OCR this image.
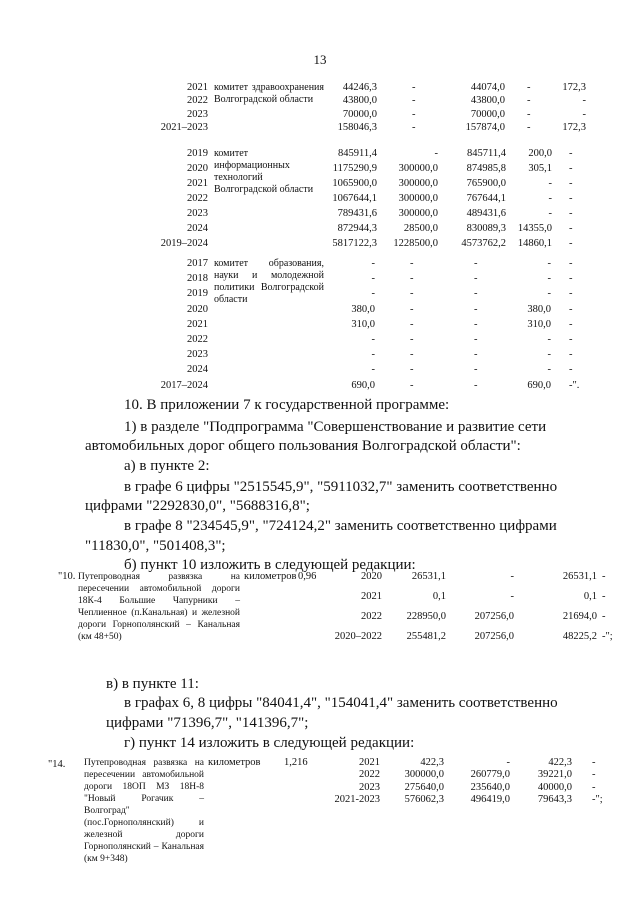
13
комитет здравоохранения Волгоградской области
2021	44246,3	-	44074,0 -	172,3
2022	43800,0	-	43800,0 -	-
2023	70000,0	-	70000,0 -	-
2021–2023	158046,3	-	157874,0 -	172,3
комитет информационных технологий Волгоградской области
2019	845911,4	-	845711,4	200,0 -
2020	1175290,9	300000,0	874985,8	305,1 -
2021	1065900,0	300000,0	765900,0	- -
2022	1067644,1	300000,0	767644,1	- -
2023	789431,6	300000,0	489431,6	- -
2024	872944,3	28500,0	830089,3	14355,0 -
2019–2024	5817122,3	1228500,0	4573762,2	14860,1 -
комитет образования, науки и молодежной политики Волгоградской области
2017	-	-	-	- -
2018	-	-	-	- -
2019	-	-	-	- -
2020	380,0	-	-	380,0 -
2021	310,0	-	-	310,0 -
2022	-	-	-	- -
2023	-	-	-	- -
2024	-	-	-	- -
2017–2024	690,0	-	-	690,0 -".
10. В приложении 7 к государственной программе:
1) в разделе "Подпрограмма "Совершенствование и развитие сети
автомобильных дорог общего пользования Волгоградской области":
а) в пункте 2:
в графе 6 цифры "2515545,9", "5911032,7" заменить соответственно
цифрами "2292830,0", "5688316,8";
в графе 8 "234545,9", "724124,2" заменить соответственно цифрами
"11830,0", "501408,3";
б) пункт 10 изложить в следующей редакции:
"10. Путепроводная развязка на пересечении автомобильной дороги 18К-4 Большие Чапурники – Чеплиенное (п.Канальная) и железной дороги Горнополянский – Канальная (км 48+50)
километров 0,96	2020	26531,1	-	26531,1 -
2021	0,1	-	0,1 -
2022	228950,0	207256,0	21694,0 -
2020–2022	255481,2	207256,0	48225,2 -";
в) в пункте 11:
в графах 6, 8 цифры "84041,4", "154041,4" заменить соответственно
цифрами "71396,7", "141396,7";
г) пункт 14 изложить в следующей редакции:
"14. Путепроводная развязка на пересечении автомобильной дороги 18ОП МЗ 18Н-8 "Новый Рогачик – Волгоград" (пос.Горнополянский) и железной дороги Горнополянский – Канальная (км 9+348)
километров 1,216	2021	422,3	-	422,3 -
2022	300000,0	260779,0	39221,0 -
2023	275640,0	235640,0	40000,0 -
2021-2023	576062,3	496419,0	79643,3 -";
